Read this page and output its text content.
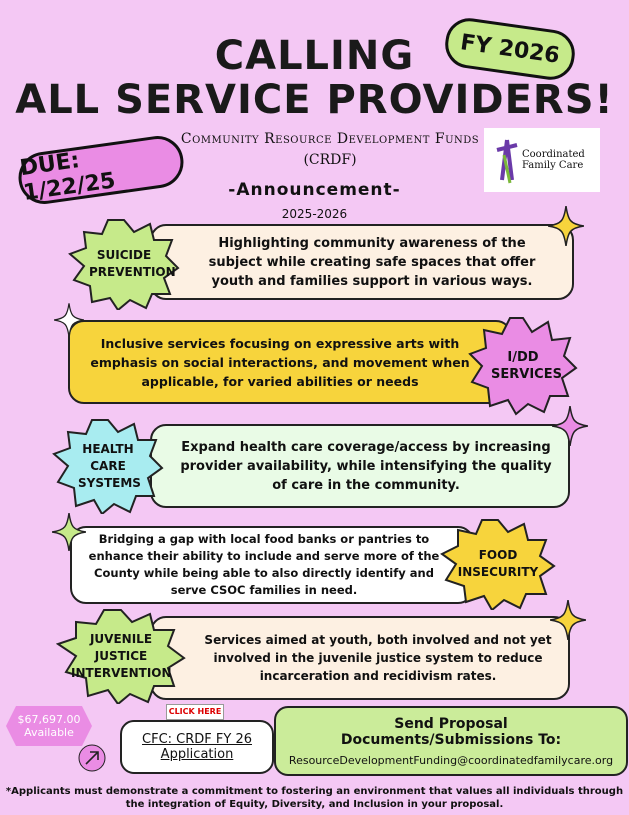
FY 2026
CALLING
ALL SERVICE PROVIDERS!
Community Resource Development Funds
(CRDF)	Coordinated Family Care
DUE: 1/22/25	-Announcement-
2025-2026
Highlighting community awareness of the subject while creating safe spaces that offer youth and families support in various ways.
SUICIDE PREVENTION
Inclusive services focusing on expressive arts with emphasis on social interactions, and movement when applicable, for varied abilities or needs
I/DD SERVICES
Expand health care coverage/access by increasing provider availability, while intensifying the quality of care in the community.
HEALTH CARE SYSTEMS
Bridging a gap with local food banks or pantries to enhance their ability to include and serve more of the County while being able to also directly identify and serve CSOC families in need.
FOOD INSECURITY
Services aimed at youth, both involved and not yet involved in the juvenile justice system to reduce incarceration and recidivism rates.
JUVENILE JUSTICE INTERVENTION
$67,697.00
Available
CLICK HERE
CFC: CRDF FY 26
Application
Send Proposal Documents/Submissions To:
ResourceDevelopmentFunding@coordinatedfamilycare.org
*Applicants must demonstrate a commitment to fostering an environment that values all individuals through the integration of Equity, Diversity, and Inclusion in your proposal.
